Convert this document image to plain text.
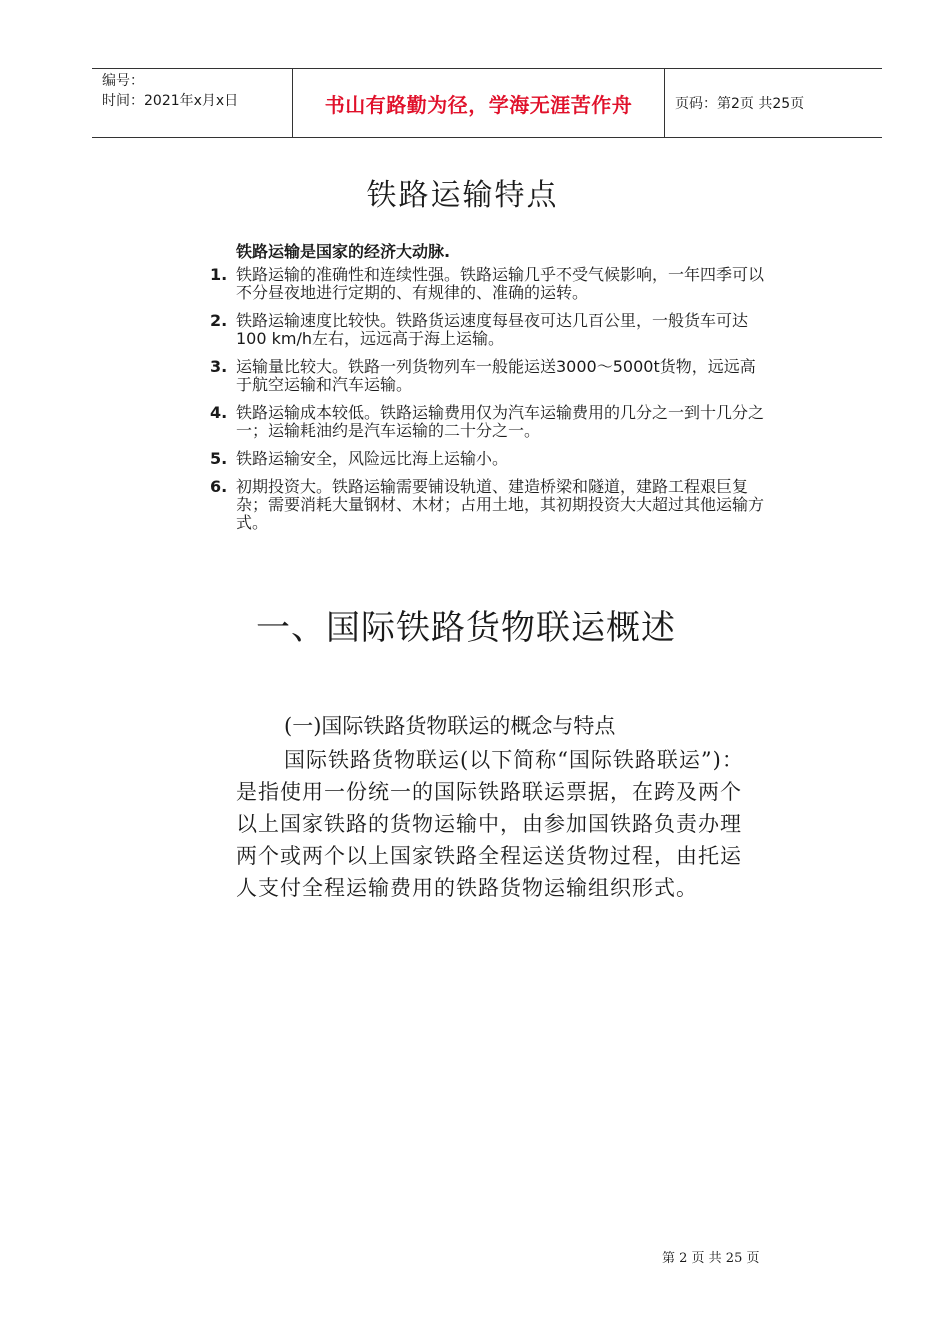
编号：
时间：2021年x月x日	书山有路勤为径，学海无涯苦作舟	页码：第2页 共25页
铁路运输特点
铁路运输是国家的经济大动脉.
1. 铁路运输的准确性和连续性强。铁路运输几乎不受气候影响，一年四季可以不分昼夜地进行定期的、有规律的、准确的运转。
2. 铁路运输速度比较快。铁路货运速度每昼夜可达几百公里，一般货车可达100 km/h左右，远远高于海上运输。
3. 运输量比较大。铁路一列货物列车一般能运送3000～5000t货物，远远高于航空运输和汽车运输。
4. 铁路运输成本较低。铁路运输费用仅为汽车运输费用的几分之一到十几分之一；运输耗油约是汽车运输的二十分之一。
5. 铁路运输安全，风险远比海上运输小。
6. 初期投资大。铁路运输需要铺设轨道、建造桥梁和隧道，建路工程艰巨复杂；需要消耗大量钢材、木材；占用土地，其初期投资大大超过其他运输方式。
一、国际铁路货物联运概述
(一)国际铁路货物联运的概念与特点
国际铁路货物联运(以下简称“国际铁路联运”)：是指使用一份统一的国际铁路联运票据，在跨及两个以上国家铁路的货物运输中，由参加国铁路负责办理两个或两个以上国家铁路全程运送货物过程，由托运人支付全程运输费用的铁路货物运输组织形式。
第 2 页 共 25 页
